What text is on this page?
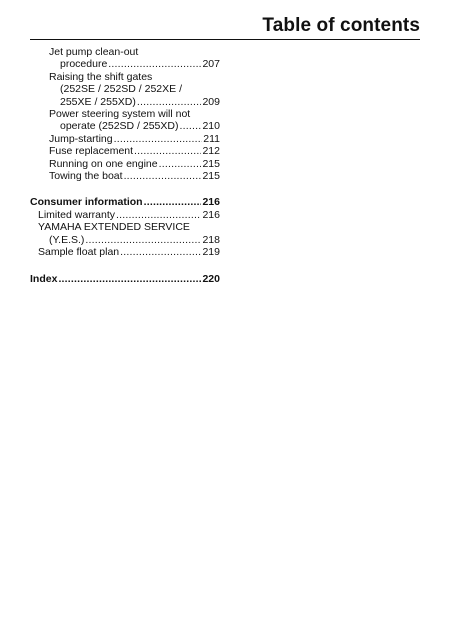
Table of contents
Jet pump clean-out
procedure .....	207
Raising the shift gates
(252SE / 252SD / 252XE /
255XE / 255XD) .....	209
Power steering system will not
operate (252SD / 255XD) ..... 210
Jump-starting .....	211
Fuse replacement .....	212
Running on one engine .....	215
Towing the boat .....	215
Consumer information .....	216
Limited warranty .....	216
YAMAHA EXTENDED SERVICE
(Y.E.S.) .....	218
Sample float plan .....	219
Index .....	220
